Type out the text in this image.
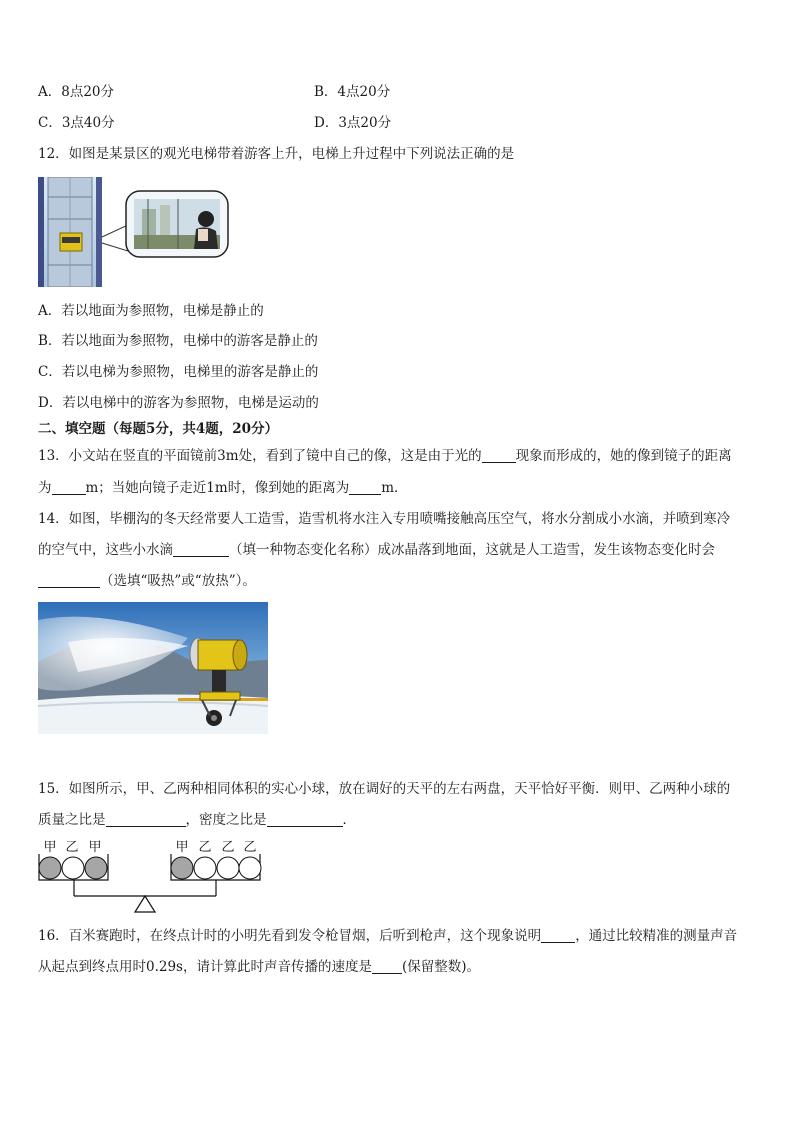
A．8点20分	B．4点20分
C．3点40分	D．3点20分
12．如图是某景区的观光电梯带着游客上升，电梯上升过程中下列说法正确的是
A．若以地面为参照物，电梯是静止的
B．若以地面为参照物，电梯中的游客是静止的
C．若以电梯为参照物，电梯里的游客是静止的
D．若以电梯中的游客为参照物，电梯是运动的
二、填空题（每题5分，共4题，20分）
13．小文站在竖直的平面镜前3m处，看到了镜中自己的像，这是由于光的	现象而形成的，她的像到镜子的距离
为	m；当她向镜子走近1m时，像到她的距离为 m．
14．如图，毕棚沟的冬天经常要人工造雪，造雪机将水注入专用喷嘴接触高压空气，将水分割成小水滴，并喷到寒冷
的空气中，这些小水滴	（填一种物态变化名称）成冰晶落到地面，这就是人工造雪，发生该物态变化时会
（选填“吸热”或“放热”）。
15．如图所示，甲、乙两种相同体积的实心小球，放在调好的天平的左右两盘，天平恰好平衡．则甲、乙两种小球的
质量之比是	，密度之比是	．
甲 乙 甲	甲 乙 乙 乙
16．百米赛跑时，在终点计时的小明先看到发令枪冒烟，后听到枪声，这个现象说明	，通过比较精准的测量声音
从起点到终点用时0.29s，请计算此时声音传播的速度是 (保留整数)。
